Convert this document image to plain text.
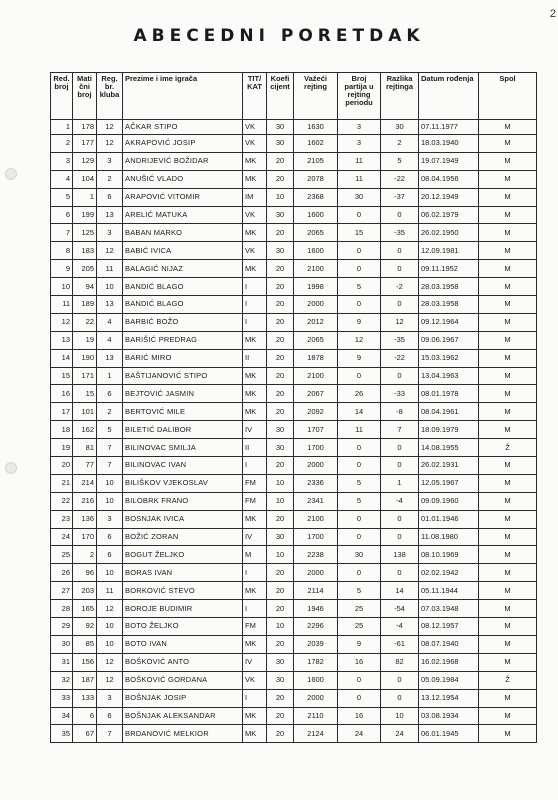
2
ABECEDNI PORETDAK
Red. broj	Mati čni broj	Reg. br. kluba	Prezime i ime igrača	TIT/ KAT	Koefi cijent	Važeći rejting	Broj partija u rejting periodu	Razlika rejtinga	Datum rođenja	Spol
1	178	12	AČKAR STIPO	VK	30	1630	3	30	07.11.1977	M
2	177	12	AKRAPOVIĆ JOSIP	VK	30	1602	3	2	18.03.1940	M
3	129	3	ANDRIJEVIĆ BOŽIDAR	MK	20	2105	11	5	19.07.1949	M
4	104	2	ANUŠIĆ VLADO	MK	20	2078	11	-22	08.04.1956	M
5	1	6	ARAPOVIĆ VITOMIR	IM	10	2368	30	-37	20.12.1949	M
6	199	13	ARELIĆ MATUKA	VK	30	1600	0	0	06.02.1979	M
7	125	3	BABAN MARKO	MK	20	2065	15	-35	26.02.1950	M
8	183	12	BABIĆ IVICA	VK	30	1600	0	0	12.09.1981	M
9	205	11	BALAGIĆ NIJAZ	MK	20	2100	0	0	09.11.1952	M
10	94	10	BANDIĆ BLAGO	I	20	1998	5	-2	28.03.1958	M
11	189	13	BANDIĆ BLAGO	I	20	2000	0	0	28.03.1958	M
12	22	4	BARBIĆ BOŽO	I	20	2012	9	12	09.12.1964	M
13	19	4	BARIŠIĆ PREDRAG	MK	20	2065	12	-35	09.06.1967	M
14	190	13	BARIĆ MIRO	II	20	1878	9	-22	15.03.1962	M
15	171	1	BAŠTIJANOVIĆ STIPO	MK	20	2100	0	0	13.04.1963	M
16	15	6	BEJTOVIĆ JASMIN	MK	20	2067	26	-33	08.01.1978	M
17	101	2	BERTOVIĆ MILE	MK	20	2092	14	-8	08.04.1961	M
18	162	5	BILETIĆ DALIBOR	IV	30	1707	11	7	18.09.1979	M
19	81	7	BILINOVAC SMILJA	II	30	1700	0	0	14.08.1955	Ž
20	77	7	BILINOVAC IVAN	I	20	2000	0	0	26.02.1931	M
21	214	10	BILIŠKOV VJEKOSLAV	FM	10	2336	5	1	12.05.1967	M
22	216	10	BILOBRK FRANO	FM	10	2341	5	-4	09.09.1960	M
23	136	3	BOSNJAK IVICA	MK	20	2100	0	0	01.01.1946	M
24	170	6	BOŽIĆ ZORAN	IV	30	1700	0	0	11.08.1980	M
25	2	6	BOGUT ŽELJKO	M	10	2238	30	138	08.10.1969	M
26	96	10	BORAS IVAN	I	20	2000	0	0	02.02.1942	M
27	203	11	BORKOVIĆ STEVO	MK	20	2114	5	14	05.11.1944	M
28	165	12	BOROJE BUDIMIR	I	20	1946	25	-54	07.03.1948	M
29	92	10	BOTO ŽELJKO	FM	10	2296	25	-4	08.12.1957	M
30	85	10	BOTO IVAN	MK	20	2039	9	-61	08.07.1940	M
31	156	12	BOŠKOVIĆ ANTO	IV	30	1782	16	82	16.02.1968	M
32	187	12	BOŠKOVIĆ GORDANA	VK	30	1600	0	0	05.09.1984	Ž
33	133	3	BOŠNJAK JOSIP	I	20	2000	0	0	13.12.1954	M
34	6	6	BOŠNJAK ALEKSANDAR	MK	20	2110	16	10	03.08.1934	M
35	67	7	BRDANOVIĆ MELKIOR	MK	20	2124	24	24	06.01.1945	M
